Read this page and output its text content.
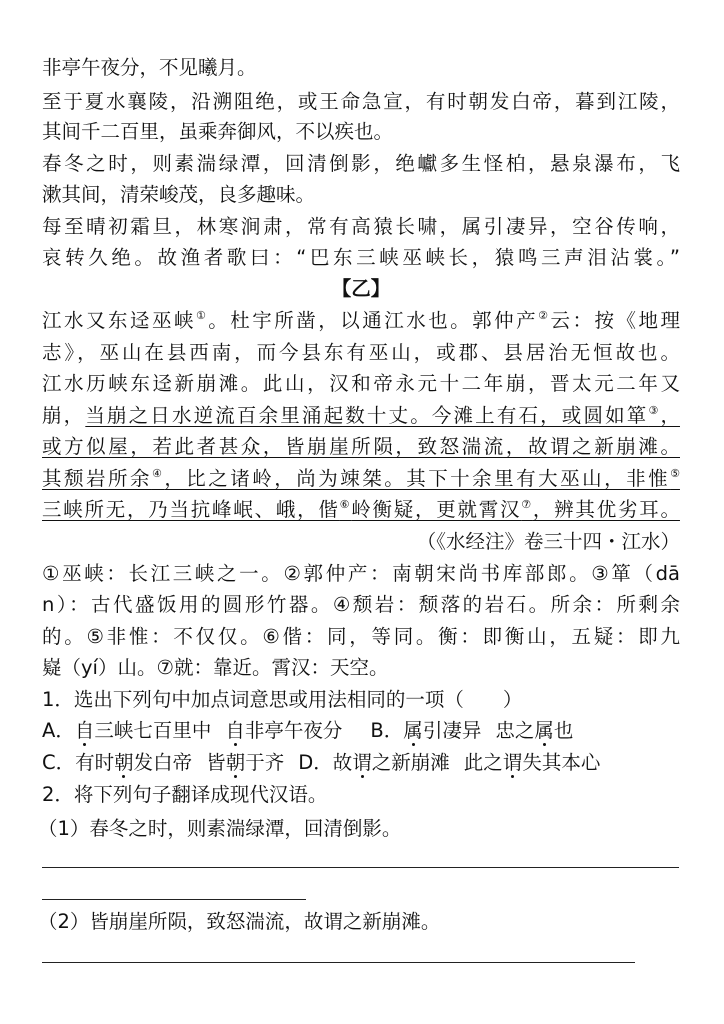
非亭午夜分，不见曦月。
至于夏水襄陵，沿溯阻绝，或王命急宣，有时朝发白帝，暮到江陵，
其间千二百里，虽乘奔御风，不以疾也。
春冬之时，则素湍绿潭，回清倒影，绝巘多生怪柏，悬泉瀑布，飞
漱其间，清荣峻茂，良多趣味。
每至晴初霜旦，林寒涧肃，常有高猿长啸，属引凄异，空谷传响，
哀转久绝。故渔者歌曰：“巴东三峡巫峡长，猿鸣三声泪沾裳。”
【乙】
江水又东迳巫峡①。杜宇所凿，以通江水也。郭仲产②云：按《地理
志》，巫山在县西南，而今县东有巫山，或郡、县居治无恒故也。
江水历峡东迳新崩滩。此山，汉和帝永元十二年崩，晋太元二年又
崩，当崩之日水逆流百余里涌起数十丈。今滩上有石，或圆如箪③，
或方似屋，若此者甚众，皆崩崖所陨，致怒湍流，故谓之新崩滩。
其颓岩所余④，比之诸岭，尚为竦桀。其下十余里有大巫山，非惟⑤
三峡所无，乃当抗峰岷、峨，偕⑥岭衡疑，更就霄汉⑦，辨其优劣耳。
（《水经注》卷三十四・江水）
①巫峡：长江三峡之一。②郭仲产：南朝宋尚书库部郎。③箪（dā
n）：古代盛饭用的圆形竹器。④颓岩：颓落的岩石。所余：所剩余
的。⑤非惟：不仅仅。⑥偕：同，等同。衡：即衡山，五疑：即九
嶷（yí）山。⑦就：靠近。霄汉：天空。
1．选出下列句中加点词意思或用法相同的一项（　　）
A．自三峡七百里中 自非亭午夜分 B．属引凄异 忠之属也
C．有时朝发白帝 皆朝于齐 D．故谓之新崩滩 此之谓失其本心
2．将下列句子翻译成现代汉语。
（1）春冬之时，则素湍绿潭，回清倒影。
（2）皆崩崖所陨，致怒湍流，故谓之新崩滩。
